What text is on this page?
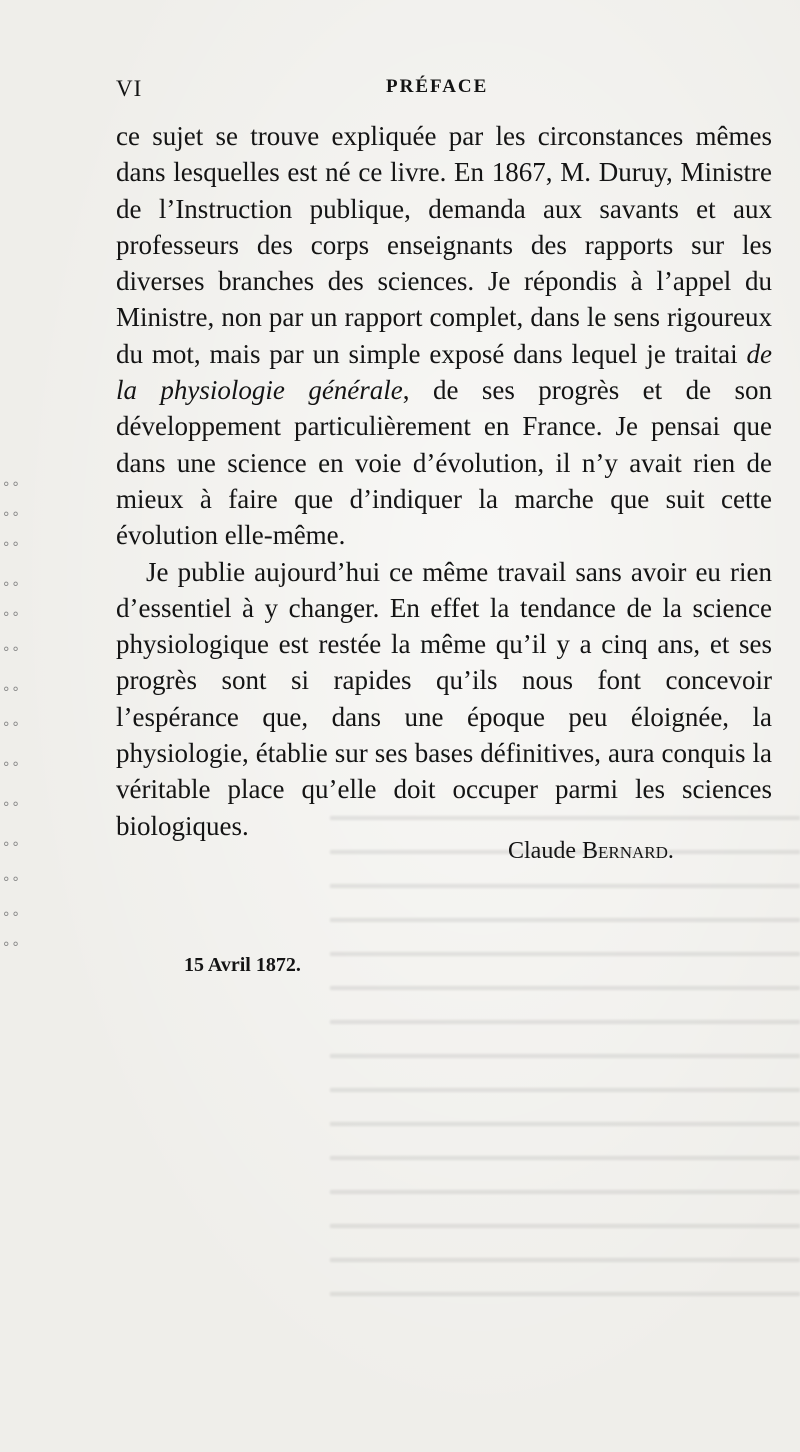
°°
°°
°°
°°
°°
°°
°°
°°
°°
°°
°°
°°
°°
°°
VI	PRÉFACE

ce sujet se trouve expliquée par les circonstances mêmes dans lesquelles est né ce livre. En 1867, M. Duruy, Ministre de l’Instruction publique, demanda aux savants et aux professeurs des corps enseignants des rapports sur les diverses branches des sciences. Je répondis à l’appel du Ministre, non par un rapport complet, dans le sens rigoureux du mot, mais par un simple exposé dans lequel je traitai de la physiologie générale, de ses progrès et de son développement particulièrement en France. Je pensai que dans une science en voie d’évolution, il n’y avait rien de mieux à faire que d’indiquer la marche que suit cette évolution elle-même.

Je publie aujourd’hui ce même travail sans avoir eu rien d’essentiel à y changer. En effet la tendance de la science physiologique est restée la même qu’il y a cinq ans, et ses progrès sont si rapides qu’ils nous font concevoir l’espérance que, dans une époque peu éloignée, la physiologie, établie sur ses bases définitives, aura conquis la véritable place qu’elle doit occuper parmi les sciences biologiques.

Claude Bernard.
15 Avril 1872.
